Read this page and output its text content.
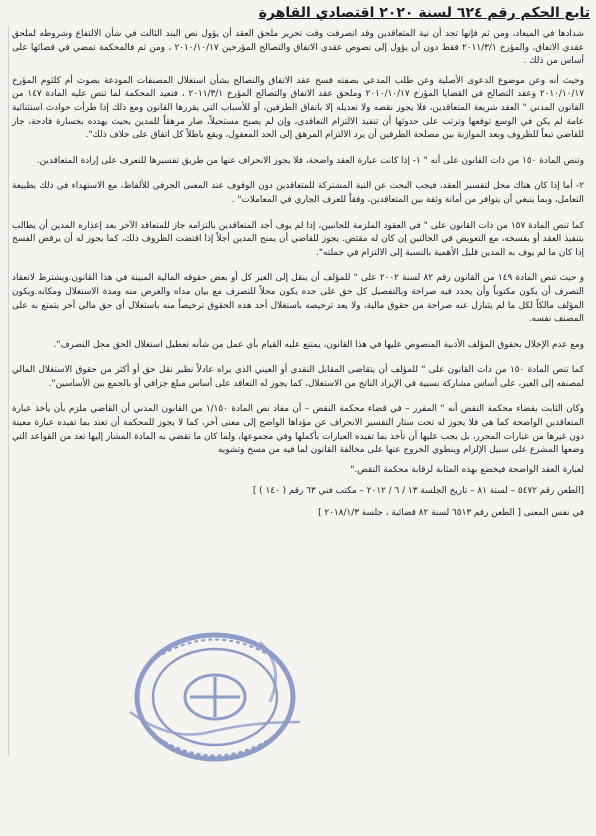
تابع الحكم رقم ٦٢٤ لسنة ٢٠٢٠ اقتصادي القاهرة

شدادها في الميعاد، ومن ثم فإنها تجد أن نية المتعاقدين وقد انصرفت وقت تحرير ملحق العقد أن يؤول نص البند الثالث في شأن الالتفاع وشروطه لملحق عقدي الاتفاق، والمؤرخ ٢٠١١/٣/١ فقط دون أن يؤول إلى نصوص عقدي الاتفاق والتصالح المؤرخين ٢٠١٠/١٠/١٧ ، ومن ثم فالمحكمة تمضي في قضائها على أساس من ذلك .

وحيث أنه وعن موضوع الدعوى الأصلية وعن طلب المدعي بصفته فسخ عقد الاتفاق والتصالح بشأن استغلال المصنفات المودعة بصوت أم كلثوم المؤرخ ٢٠١٠/١٠/١٧ وعقد التصالح في القضايا المؤرخ ٢٠١٠/١٠/١٧ وملحق عقد الاتفاق والتصالح المؤرخ ٢٠١١/٣/١ ، فتعيد المحكمة لما تنص عليه المادة ١٤٧ من القانون المدني " العقد شريعة المتعاقدين، فلا يجوز نقضه ولا تعديله إلا باتفاق الطرفين، أو للأسباب التي يقررها القانون ومع ذلك إذا طرأت حوادث استثنائية عامة لم يكن في الوسع توقعها وترتب على حدوثها أن تنفيذ الالتزام التعاقدي، وإن لم يصبح مستحيلاً، صار مرهقاً للمدين بحيث يهدده بخسارة فادحة، جاز للقاضي تبعاً للظروف وبعد الموازنة بين مصلحة الطرفين أن يرد الالتزام المرهق إلى الحد المعقول، ويقع باطلاً كل اتفاق على خلاف ذلك".

وتنص المادة ١٥٠ من ذات القانون على أنه " ١- إذا كانت عبارة العقد واضحة، فلا يجوز الانحراف عنها من طريق تفسيرها للتعرف على إرادة المتعاقدين.

٢- أما إذا كان هناك محل لتفسير العقد، فيجب البحث عن النية المشتركة للمتعاقدين دون الوقوف عند المعنى الحرفي للألفاظ، مع الاستهداء في ذلك بطبيعة التعامل، وبما ينبغي أن يتوافر من أمانة وثقة بين المتعاقدين، وفقاً للعرف الجاري في المعاملات" .

كما تنص المادة ١٥٧ من ذات القانون على " في العقود الملزمة للجانبين، إذا لم يوف أحد المتعاقدين بالتزامه جاز للمتعاقد الآخر بعد إعذاره المدين أن يطالب بتنفيذ العقد أو بفسخه، مع التعويض في الحالتين إن كان له مقتض. يجوز للقاضي أن يمنح المدين أجلاً إذا اقتضت الظروف ذلك، كما يجوز له أن يرفض الفسخ إذا كان ما لم يوف به المدين قليل الأهمية بالنسبة إلى الالتزام في جملته".

و حيث تنص المادة ١٤٩ من القانون رقم ٨٢ لسنة ٢٠٠٢ على " للمؤلف أن ينقل إلى الغير كل أو بعض حقوقه المالية المبينة في هذا القانون.ويشترط لانعقاد التصرف أن يكون مكتوباً وأن يحدد فيه صراحة وبالتفصيل كل حق على حده يكون محلاً للتصرف مع بيان مداه والغرض منه ومدة الاستغلال ومكانه.ويكون المؤلف مالكاً لكل ما لم يتنازل عنه صراحة من حقوق مالية، ولا يعد ترخيصه باستغلال أحد هذه الحقوق ترخيصاً منه باستغلال أي حق مالي آخر يتمتع به على المصنف نفسه.

ومع عدم الإخلال بحقوق المؤلف الأدبية المنصوص عليها في هذا القانون، يمتنع عليه القيام بأي عمل من شأنه تعطيل استغلال الحق محل التصرف".

كما تنص المادة ١٥٠ من ذات القانون على " للمؤلف أن يتقاضى المقابل النقدي أو العيني الذي يراه عادلاً نظير نقل حق أو أكثر من حقوق الاستغلال المالي لمصنفه إلى الغير، على أساس مشاركة نسبية في الإيراد الناتج من الاستغلال، كما يجوز له التعاقد على أساس مبلغ جزافي أو بالجمع بين الأساسين".

وكان الثابت بقضاء محكمة النقض أنه " المقرر – في قضاء محكمة النقض – أن مفاد نص المادة ١/١٥٠ من القانون المدني أن القاضي ملزم بأن يأخذ عبارة المتعاقدين الواضحة كما هي فلا يجوز له تحت ستار التفسير الانحراف عن مؤداها الواضح إلى معنى آخر، كما لا يجوز للمحكمة أن تعتد بما تفيده عبارة معينة دون غيرها من عبارات المحرر، بل يجب عليها أن تأخذ بما تفيده العبارات بأكملها وفي مجموعها، ولما كان ما تقضي به المادة المشار إليها تعد من القواعد التي وضعها المشرع على سبيل الإلزام وينطوي الخروج عنها على مخالفة القانون لما فيه من مسخ وتشويه

لعبارة العقد الواضحة فيخضع بهذه المثابة لرقابة محكمة النقض."

[الطعن رقم ٥٤٧٢ – لسنة ٨١ – تاريخ الجلسة ١٣ / ٦ / ٢٠١٢ – مكتب فني ٦٣ رقم ( ١٤٠ ) ]

في نفس المعنى [ الطعن رقم ٦٥١٣ لسنة ٨٢ قضائية ، جلسة ٢٠١٨/١/٣ ]
